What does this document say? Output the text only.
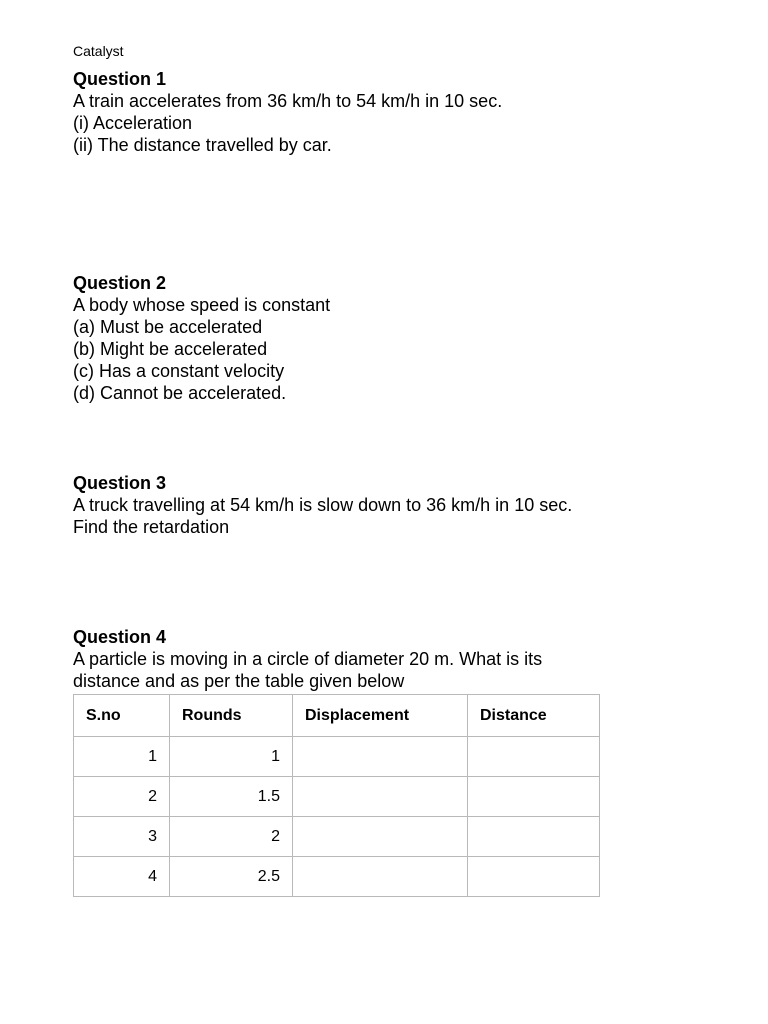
Catalyst

Question 1

A train accelerates from 36 km/h to 54 km/h in 10 sec.

(i) Acceleration

(ii) The distance travelled by car.

Question 2

A body whose speed is constant

(a) Must be accelerated

(b) Might be accelerated

(c) Has a constant velocity

(d) Cannot be accelerated.

Question 3

A truck travelling at 54 km/h is slow down to 36 km/h in 10 sec.

Find the retardation

Question 4

A particle is moving in a circle of diameter 20 m. What is its

distance and as per the table given below

S.no	Rounds	Displacement	Distance
1	1		
2	1.5		
3	2		
4	2.5		
